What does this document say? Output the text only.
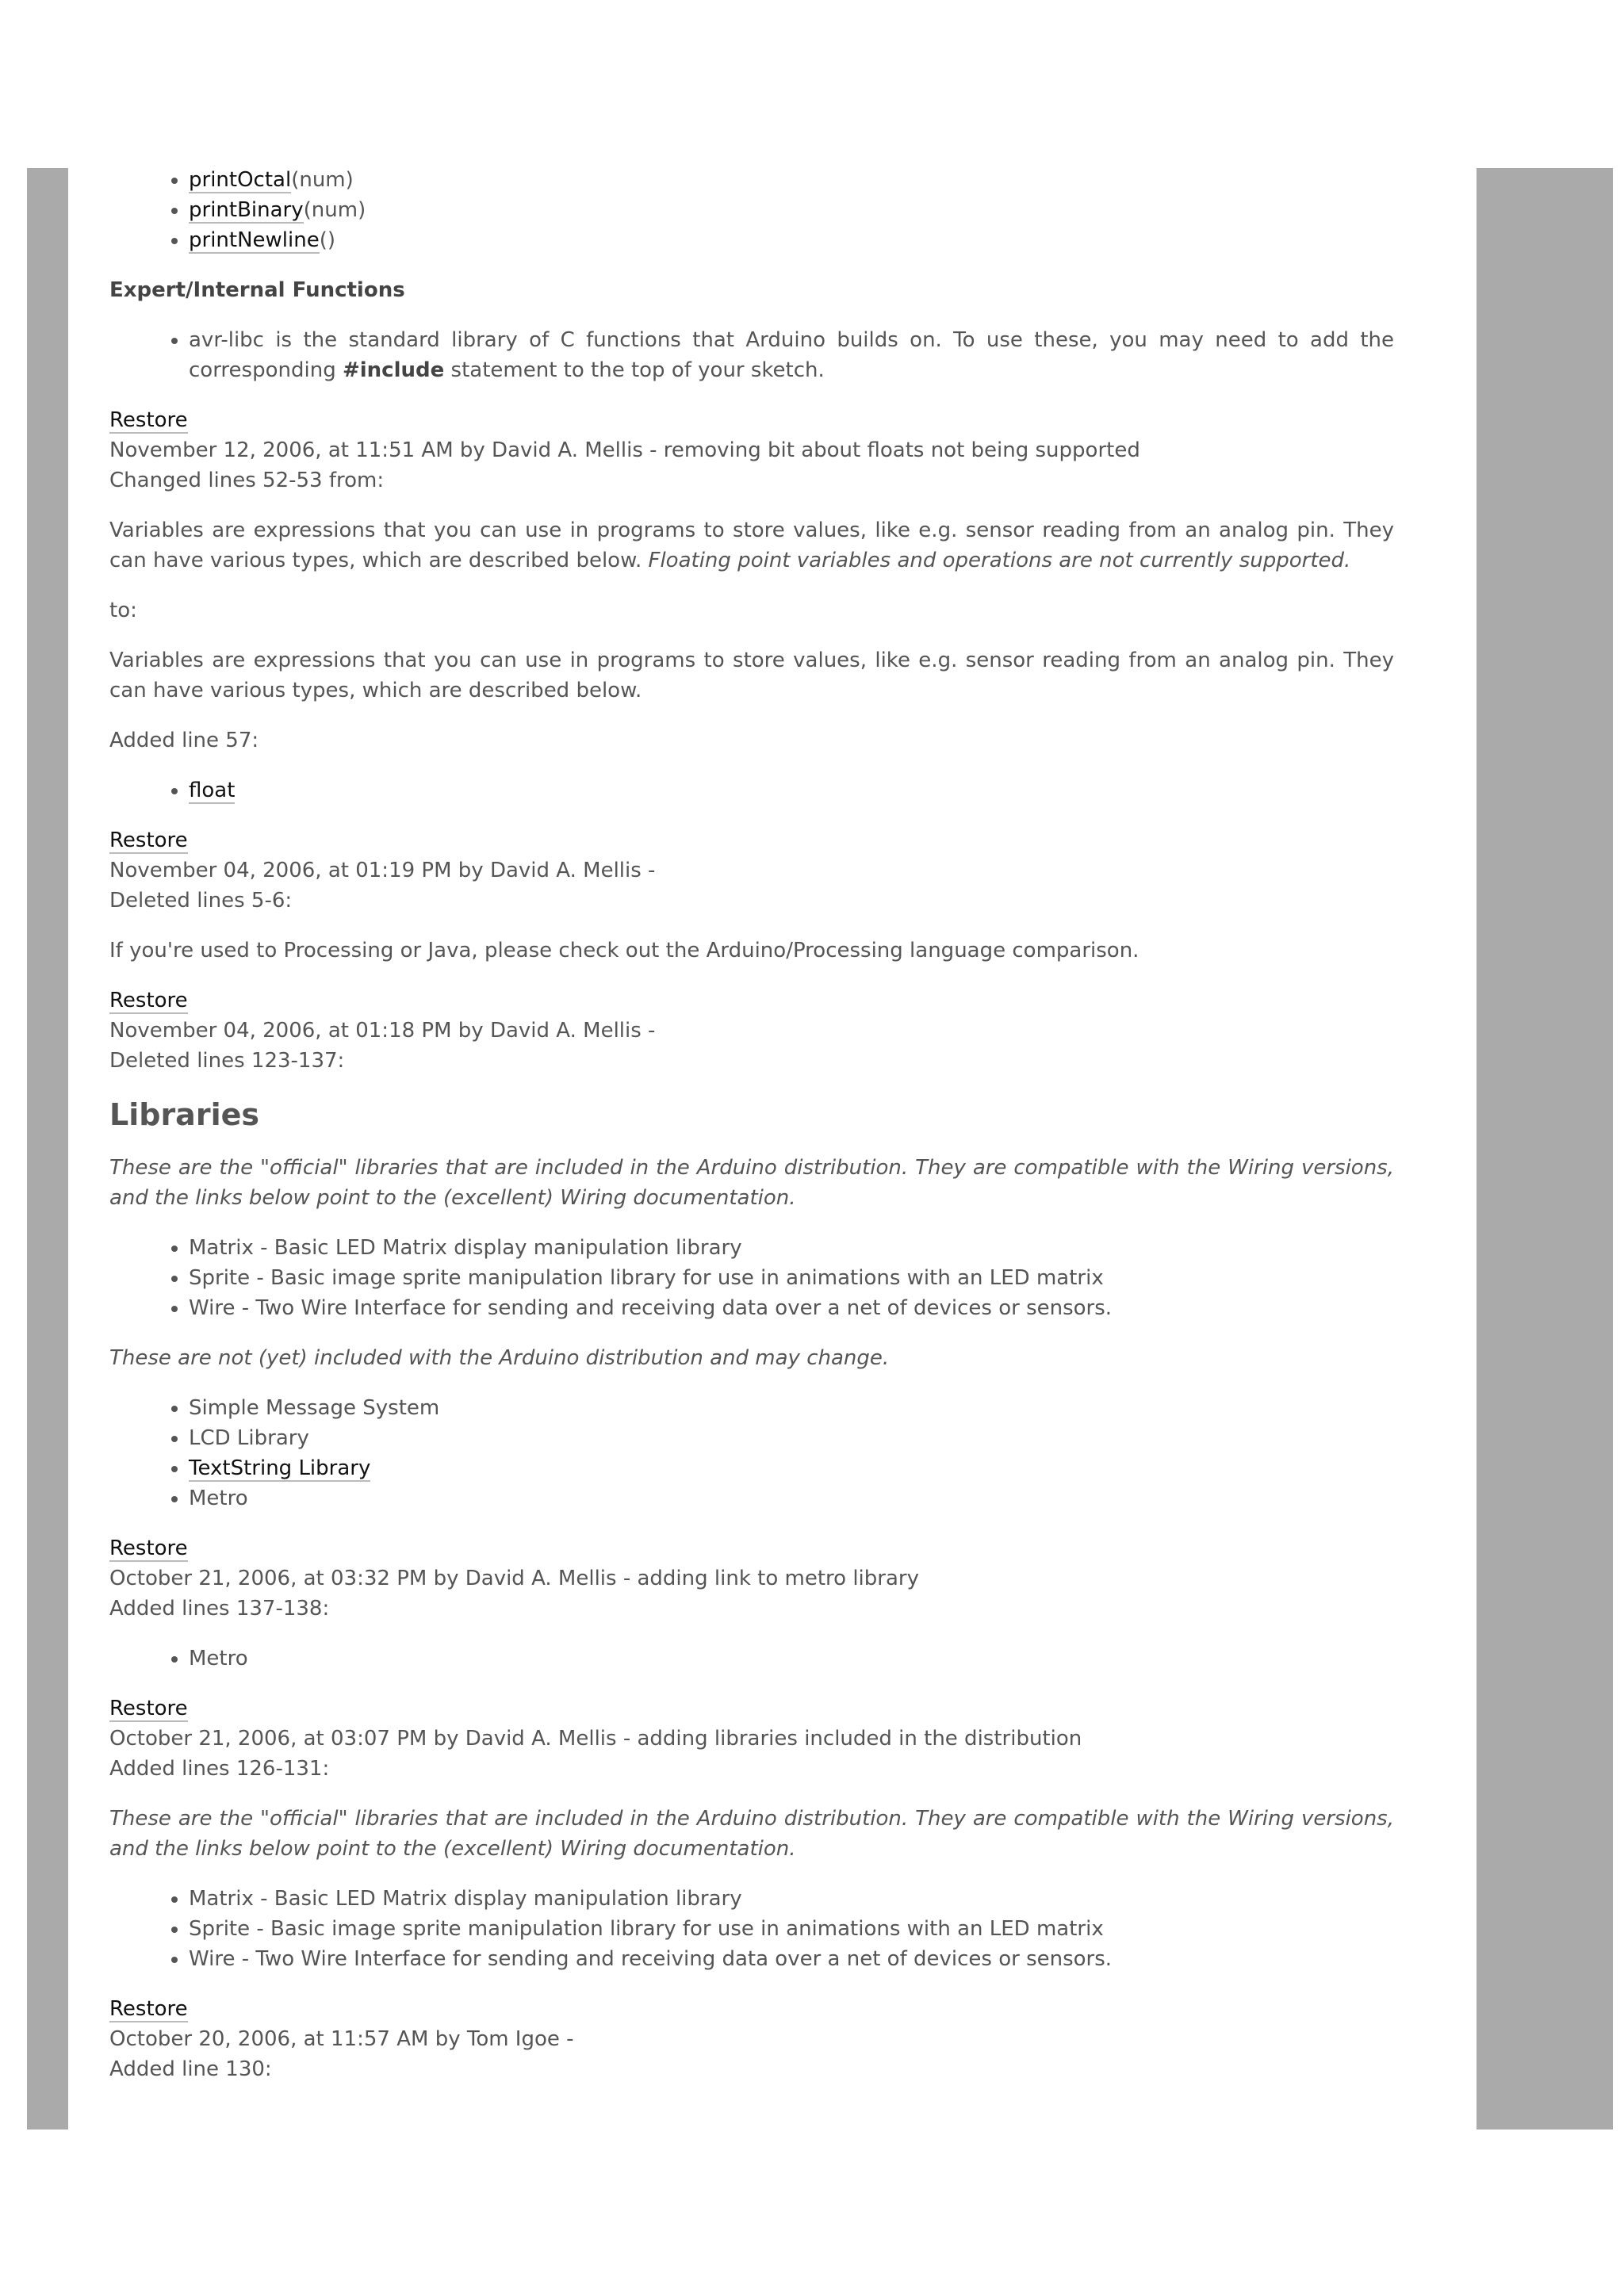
• printOctal(num)
• printBinary(num)
• printNewline()

Expert/Internal Functions

• avr-libc is the standard library of C functions that Arduino builds on. To use these, you may need to add the corresponding #include statement to the top of your sketch.

Restore

November 12, 2006, at 11:51 AM by David A. Mellis - removing bit about floats not being supported

Changed lines 52-53 from:

Variables are expressions that you can use in programs to store values, like e.g. sensor reading from an analog pin. They can have various types, which are described below. Floating point variables and operations are not currently supported.

to:

Variables are expressions that you can use in programs to store values, like e.g. sensor reading from an analog pin. They can have various types, which are described below.

Added line 57:

• float

Restore

November 04, 2006, at 01:19 PM by David A. Mellis -

Deleted lines 5-6:

If you're used to Processing or Java, please check out the Arduino/Processing language comparison.

Restore

November 04, 2006, at 01:18 PM by David A. Mellis -

Deleted lines 123-137:

Libraries

These are the "official" libraries that are included in the Arduino distribution. They are compatible with the Wiring versions, and the links below point to the (excellent) Wiring documentation.

• Matrix - Basic LED Matrix display manipulation library
• Sprite - Basic image sprite manipulation library for use in animations with an LED matrix
• Wire - Two Wire Interface for sending and receiving data over a net of devices or sensors.

These are not (yet) included with the Arduino distribution and may change.

• Simple Message System
• LCD Library
• TextString Library
• Metro

Restore

October 21, 2006, at 03:32 PM by David A. Mellis - adding link to metro library

Added lines 137-138:

• Metro

Restore

October 21, 2006, at 03:07 PM by David A. Mellis - adding libraries included in the distribution

Added lines 126-131:

These are the "official" libraries that are included in the Arduino distribution. They are compatible with the Wiring versions, and the links below point to the (excellent) Wiring documentation.

• Matrix - Basic LED Matrix display manipulation library
• Sprite - Basic image sprite manipulation library for use in animations with an LED matrix
• Wire - Two Wire Interface for sending and receiving data over a net of devices or sensors.

Restore

October 20, 2006, at 11:57 AM by Tom Igoe -

Added line 130:
